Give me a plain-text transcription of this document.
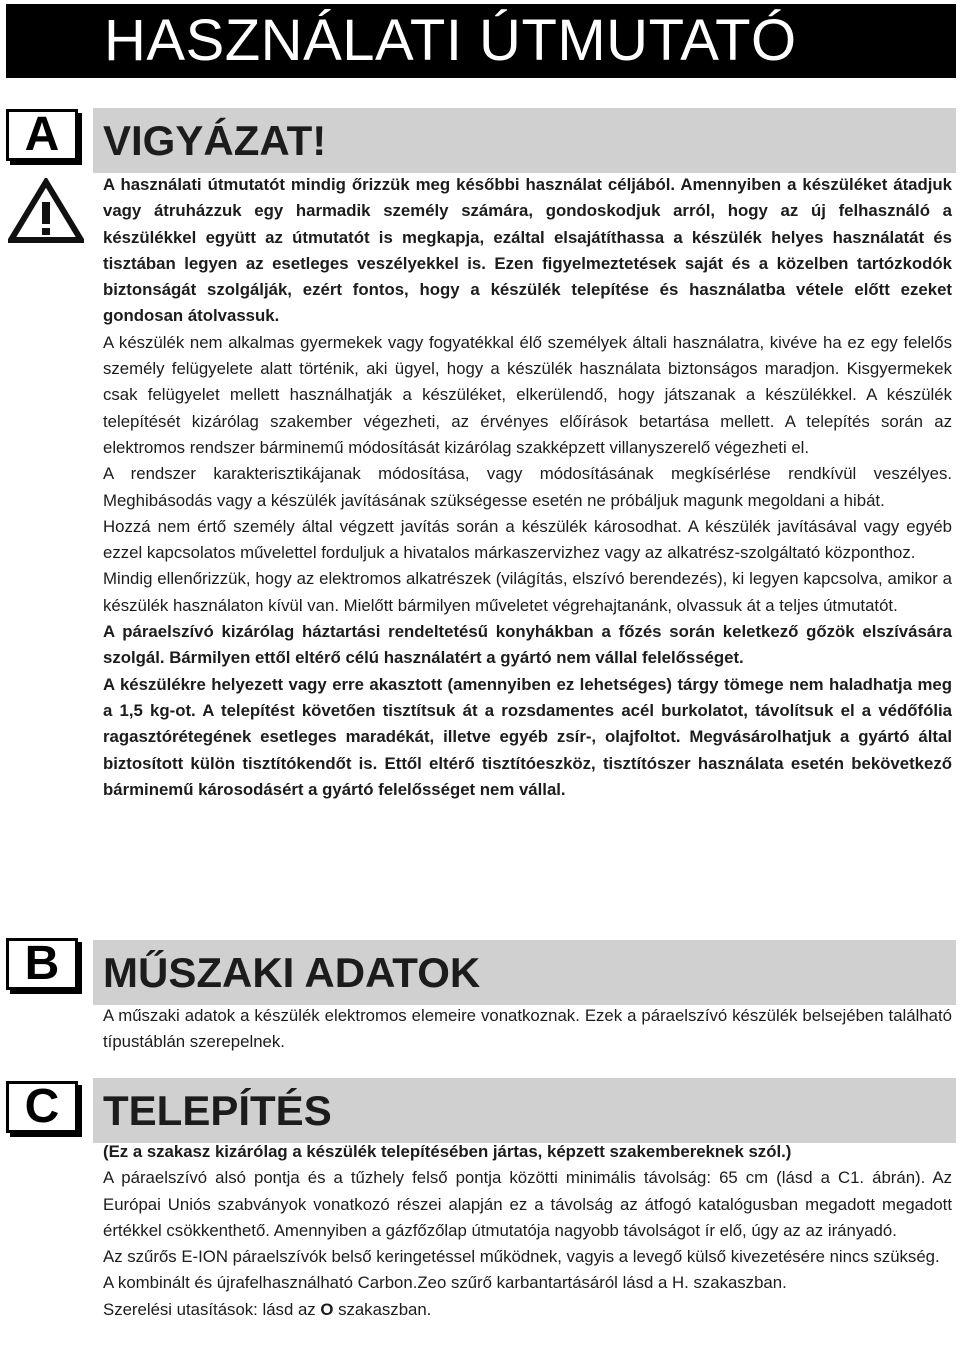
HASZNÁLATI ÚTMUTATÓ
A	VIGYÁZAT!

A használati útmutatót mindig őrizzük meg későbbi használat céljából. Amennyiben a készüléket átadjuk vagy átruházzuk egy harmadik személy számára, gondoskodjuk arról, hogy az új felhasználó a készülékkel együtt az útmutatót is megkapja, ezáltal elsajátíthassa a készülék helyes használatát és tisztában legyen az esetleges veszélyekkel is. Ezen figyelmeztetések saját és a közelben tartózkodók biztonságát szolgálják, ezért fontos, hogy a készülék telepítése és használatba vétele előtt ezeket gondosan átolvassuk.

A készülék nem alkalmas gyermekek vagy fogyatékkal élő személyek általi használatra, kivéve ha ez egy felelős személy felügyelete alatt történik, aki ügyel, hogy a készülék használata biztonságos maradjon. Kisgyermekek csak felügyelet mellett használhatják a készüléket, elkerülendő, hogy játszanak a készülékkel. A készülék telepítését kizárólag szakember végezheti, az érvényes előírások betartása mellett. A telepítés során az elektromos rendszer bárminemű módosítását kizárólag szakképzett villanyszerelő végezheti el.

A rendszer karakterisztikájanak módosítása, vagy módosításának megkísérlése rendkívül veszélyes. Meghibásodás vagy a készülék javításának szükségesse esetén ne próbáljuk magunk megoldani a hibát.

Hozzá nem értő személy által végzett javítás során a készülék károsodhat. A készülék javításával vagy egyéb ezzel kapcsolatos művelettel forduljuk a hivatalos márkaszervizhez vagy az alkatrész-szolgáltató központhoz.

Mindig ellenőrizzük, hogy az elektromos alkatrészek (világítás, elszívó berendezés), ki legyen kapcsolva, amikor a készülék használaton kívül van. Mielőtt bármilyen műveletet végrehajtanánk, olvassuk át a teljes útmutatót.

A páraelszívó kizárólag háztartási rendeltetésű konyhákban a főzés során keletkező gőzök elszívására szolgál. Bármilyen ettől eltérő célú használatért a gyártó nem vállal felelősséget.

A készülékre helyezett vagy erre akasztott (amennyiben ez lehetséges) tárgy tömege nem haladhatja meg a 1,5 kg-ot. A telepítést követően tisztítsuk át a rozsdamentes acél burkolatot, távolítsuk el a védőfólia ragasztórétegének esetleges maradékát, illetve egyéb zsír-, olajfoltot. Megvásárolhatjuk a gyártó által biztosított külön tisztítókendőt is. Ettől eltérő tisztítóeszköz, tisztítószer használata esetén bekövetkező bárminemű károsodásért a gyártó felelősséget nem vállal.

B	MŰSZAKI ADATOK

A műszaki adatok a készülék elektromos elemeire vonatkoznak. Ezek a páraelszívó készülék belsejében található típustáblán szerepelnek.

C	TELEPÍTÉS

(Ez a szakasz kizárólag a készülék telepítésében jártas, képzett szakembereknek szól.)

A páraelszívó alsó pontja és a tűzhely felső pontja közötti minimális távolság: 65 cm (lásd a C1. ábrán). Az Európai Uniós szabványok vonatkozó részei alapján ez a távolság az átfogó katalógusban megadott megadott értékkel csökkenthető. Amennyiben a gázfőzőlap útmutatója nagyobb távolságot ír elő, úgy az az irányadó.

Az szűrős E-ION páraelszívók belső keringetéssel működnek, vagyis a levegő külső kivezetésére nincs szükség.

A kombinált és újrafelhasználható Carbon.Zeo szűrő karbantartásáról lásd a H. szakaszban.

Szerelési utasítások: lásd az O szakaszban.
